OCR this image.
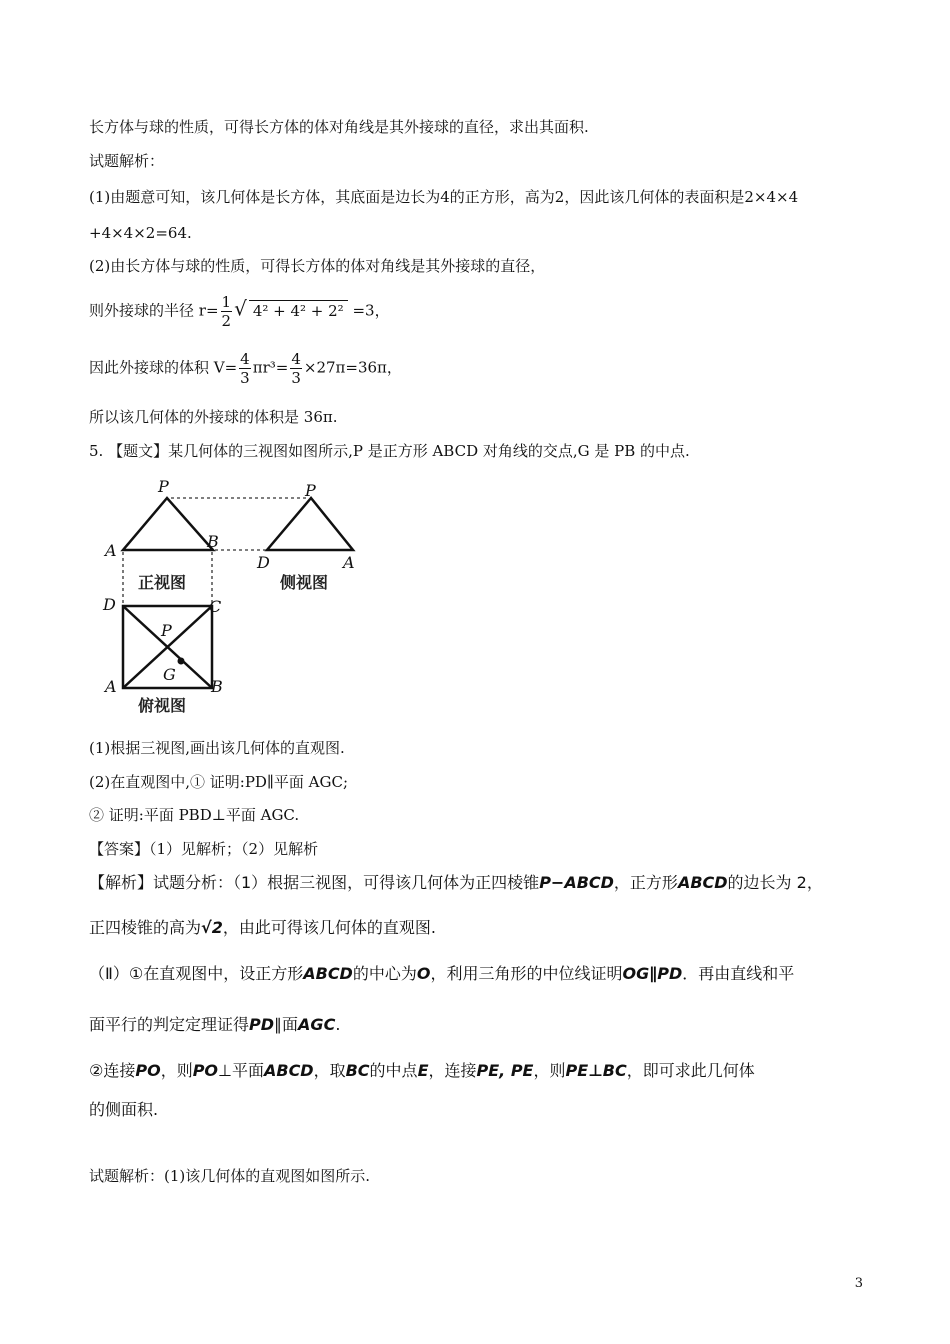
长方体与球的性质，可得长方体的体对角线是其外接球的直径，求出其面积.
试题解析：
(1)由题意可知，该几何体是长方体，其底面是边长为4的正方形，高为2，因此该几何体的表面积是2×4×4
+4×4×2=64.
(2)由长方体与球的性质，可得长方体的体对角线是其外接球的直径，
则外接球的半径 $r= \frac{1}{2}$ √ 4² + 4² + 2² =3，
因此外接球的体积 $V= \frac{4}{3} \pi r^3= \frac{4}{3} \times 27\pi=36\pi$，
所以该几何体的外接球的体积是 36π.
5. 【题文】某几何体的三视图如图所示,P 是正方形 ABCD 对角线的交点,G 是 PB 的中点.
P
A	B
P
D	A
D	C
P
G
A	B
正视图	侧视图
俯视图
(1)根据三视图,画出该几何体的直观图.
(2)在直观图中,① 证明:PD∥平面 AGC;
② 证明:平面 PBD⊥平面 AGC.
【答案】（1）见解析；（2）见解析
【解析】试题分析：（1）根据三视图，可得该几何体为正四棱锥P−ABCD，正方形ABCD的边长为 2，
正四棱锥的高为√2，由此可得该几何体的直观图.
（Ⅱ）①在直观图中，设正方形ABCD的中心为O，利用三角形的中位线证明OG∥PD．再由直线和平
面平行的判定定理证得PD∥面AGC.
②连接PO，则PO⊥平面ABCD，取BC的中点E，连接PE, PE，则PE⊥BC，即可求此几何体
的侧面积.
试题解析：(1)该几何体的直观图如图所示.
3
